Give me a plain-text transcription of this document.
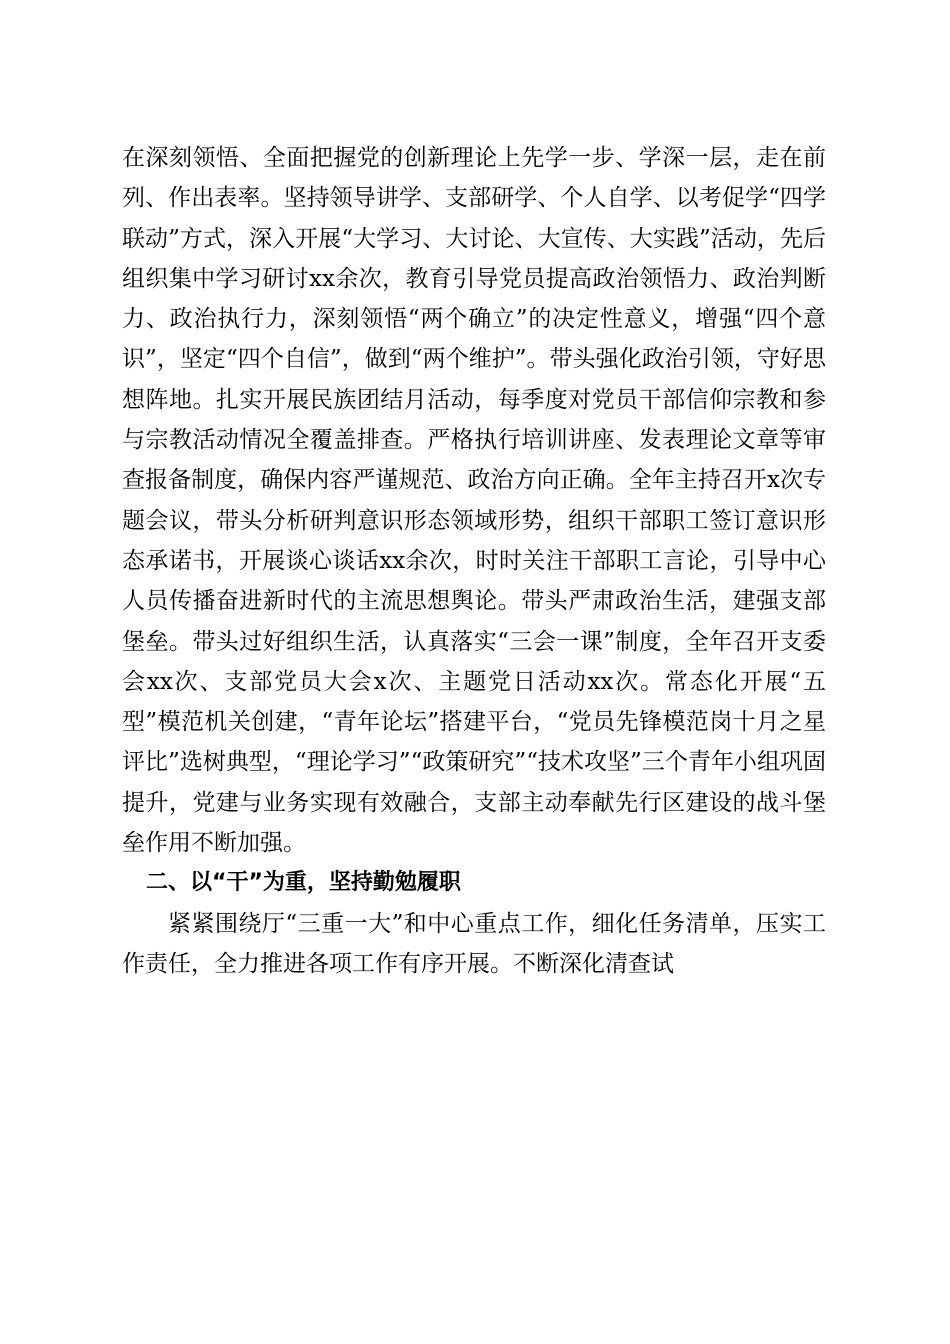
在深刻领悟、全面把握党的创新理论上先学一步、学深一层，走在前列、作出表率。坚持领导讲学、支部研学、个人自学、以考促学“四学联动”方式，深入开展“大学习、大讨论、大宣传、大实践”活动，先后组织集中学习研讨xx余次，教育引导党员提高政治领悟力、政治判断力、政治执行力，深刻领悟“两个确立”的决定性意义，增强“四个意识”，坚定“四个自信”，做到“两个维护”。带头强化政治引领，守好思想阵地。扎实开展民族团结月活动，每季度对党员干部信仰宗教和参与宗教活动情况全覆盖排查。严格执行培训讲座、发表理论文章等审查报备制度，确保内容严谨规范、政治方向正确。全年主持召开x次专题会议，带头分析研判意识形态领域形势，组织干部职工签订意识形态承诺书，开展谈心谈话xx余次，时时关注干部职工言论，引导中心人员传播奋进新时代的主流思想舆论。带头严肃政治生活，建强支部堡垒。带头过好组织生活，认真落实“三会一课”制度，全年召开支委会xx次、支部党员大会x次、主题党日活动xx次。常态化开展“五型”模范机关创建，“青年论坛”搭建平台，“党员先锋模范岗十月之星评比”选树典型，“理论学习”“政策研究”“技术攻坚”三个青年小组巩固提升，党建与业务实现有效融合，支部主动奉献先行区建设的战斗堡垒作用不断加强。

二、以“干”为重，坚持勤勉履职

紧紧围绕厅“三重一大”和中心重点工作，细化任务清单，压实工作责任，全力推进各项工作有序开展。不断深化清查试
